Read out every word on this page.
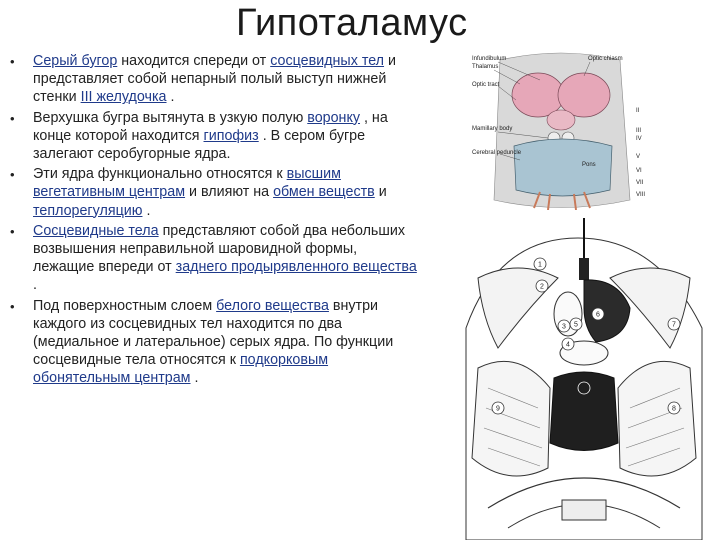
Гипоталамус
• Серый бугор находится спереди от сосцевидных тел и представляет собой непарный полый выступ нижней стенки III желудочка .
• Верхушка бугра вытянута в узкую полую воронку , на конце которой находится гипофиз . В сером бугре залегают серобугорные ядра.
• Эти ядра функционально относятся к высшим вегетативным центрам и влияют на обмен веществ и теплорегуляцию .
• Сосцевидные тела представляют собой два небольших возвышения неправильной шаровидной формы, лежащие впереди от заднего продырявленного вещества .
• Под поверхностным слоем белого вещества внутри каждого из сосцевидных тел находится по два (медиальное и латеральное) серых ядра. По функции сосцевидные тела относятся к подкорковым обонятельным центрам .
Infundibulum
Thalamus
Optic chiasm
Optic tract
Mamillary body
Cerebral peduncle
Pons
II
III
IV
V
VI
VII
VIII
1
2
3
4
5
6
7
8
9
10
